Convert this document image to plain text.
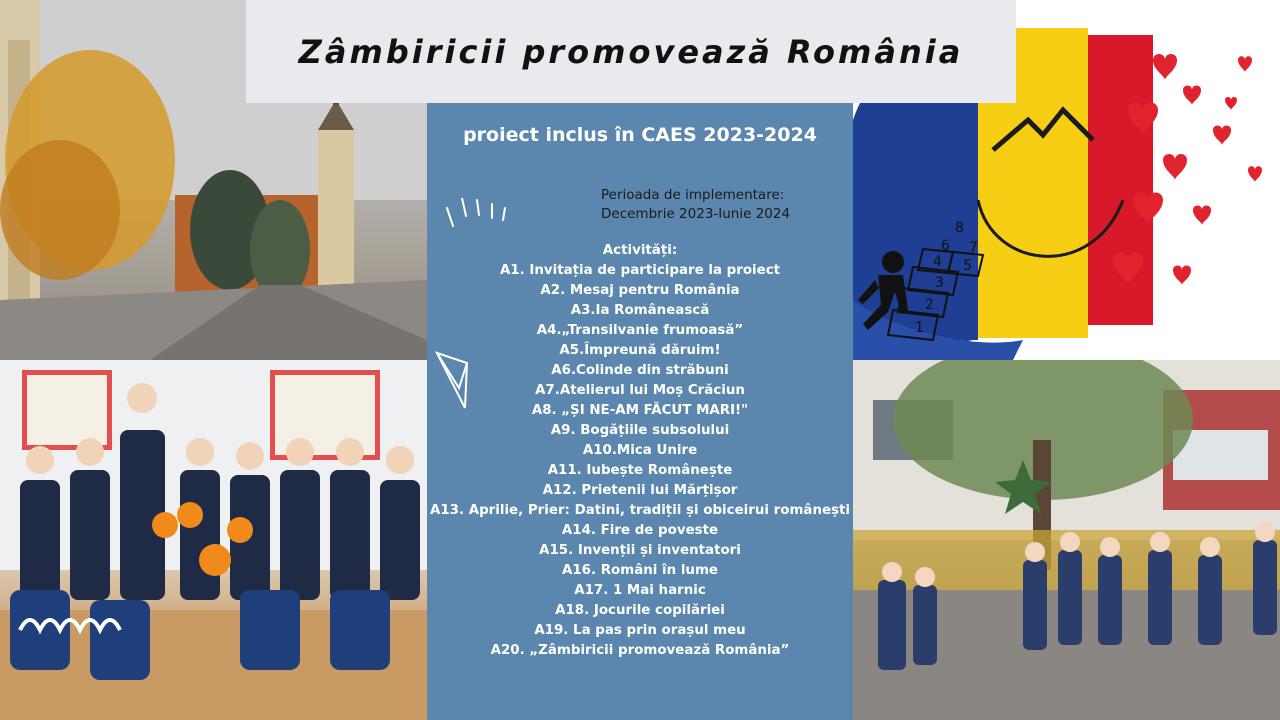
1
2
3
4 5
6 7
8
Zâmbiricii promovează România
proiect inclus în CAES 2023-2024
Perioada de implementare:
Decembrie 2023-Iunie 2024
Activități:
A1. Invitația de participare la proiect
A2. Mesaj pentru România
A3.Ia Românească
A4.„Transilvanie frumoasă”
A5.Împreună dăruim!
A6.Colinde din străbuni
A7.Atelierul lui Moș Crăciun
A8. „ȘI NE-AM FĂCUT MARI!"
A9. Bogățiile subsolului
A10.Mica Unire
A11. Iubește Românește
A12. Prietenii lui Mărțișor
A13. Aprilie, Prier: Datini, tradiții și obiceirui românești
A14. Fire de poveste
A15. Invenții și inventatori
A16. Români în lume
A17. 1 Mai harnic
A18. Jocurile copilăriei
A19. La pas prin orașul meu
A20. „Zâmbiricii promovează România”
